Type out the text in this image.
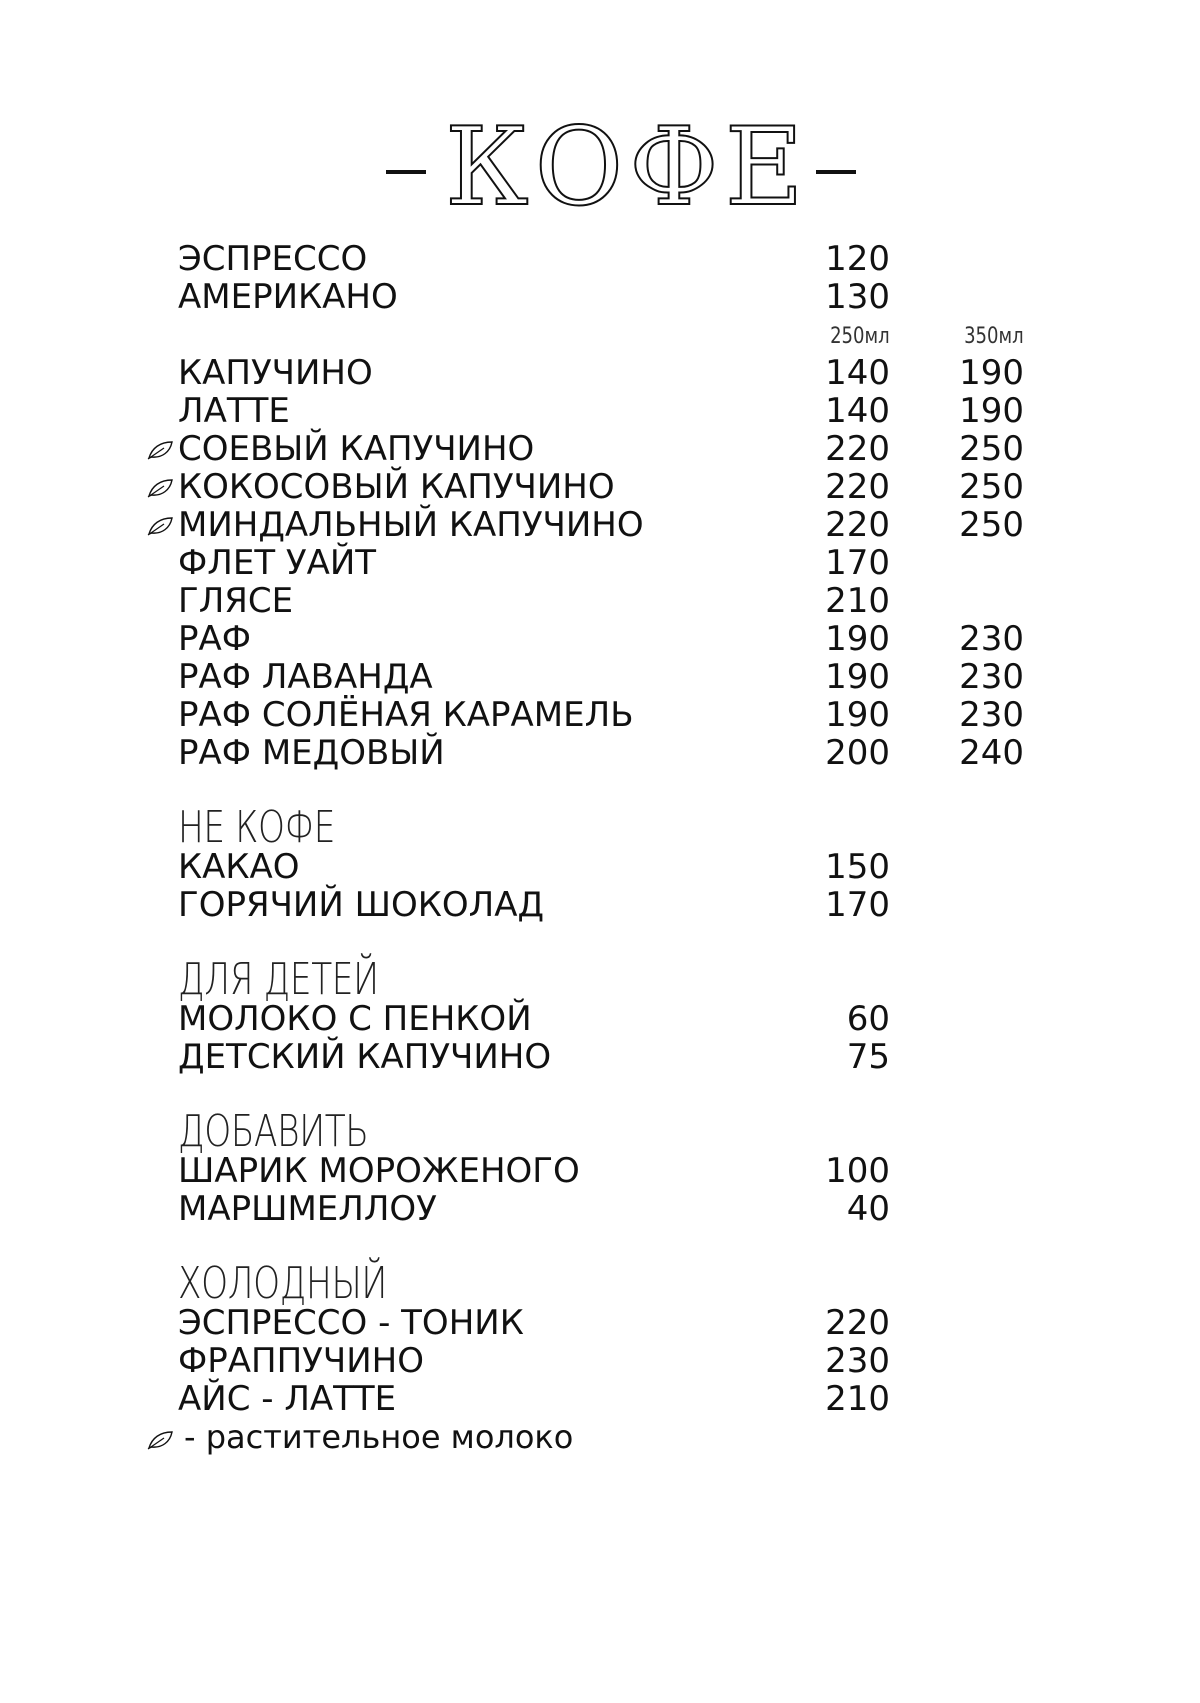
КОФЕ
ЭСПРЕССО	120
АМЕРИКАНО	130
250мл	350мл
КАПУЧИНО	140 190
ЛАТТЕ	140 190
СОЕВЫЙ КАПУЧИНО	220 250
КОКОСОВЫЙ КАПУЧИНО	220 250
МИНДАЛЬНЫЙ КАПУЧИНО	220 250
ФЛЕТ УАЙТ	170
ГЛЯСЕ	210
РАФ	190 230
РАФ ЛАВАНДА	190 230
РАФ СОЛЁНАЯ КАРАМЕЛЬ	190 230
РАФ МЕДОВЫЙ	200 240
НЕ КОФЕ
КАКАО	150
ГОРЯЧИЙ ШОКОЛАД	170
ДЛЯ ДЕТЕЙ
МОЛОКО С ПЕНКОЙ	60
ДЕТСКИЙ КАПУЧИНО	75
ДОБАВИТЬ
ШАРИК МОРОЖЕНОГО	100
МАРШМЕЛЛОУ	40
ХОЛОДНЫЙ
ЭСПРЕССО - ТОНИК	220
ФРАППУЧИНО	230
АЙС - ЛАТТЕ	210
- растительное молоко
